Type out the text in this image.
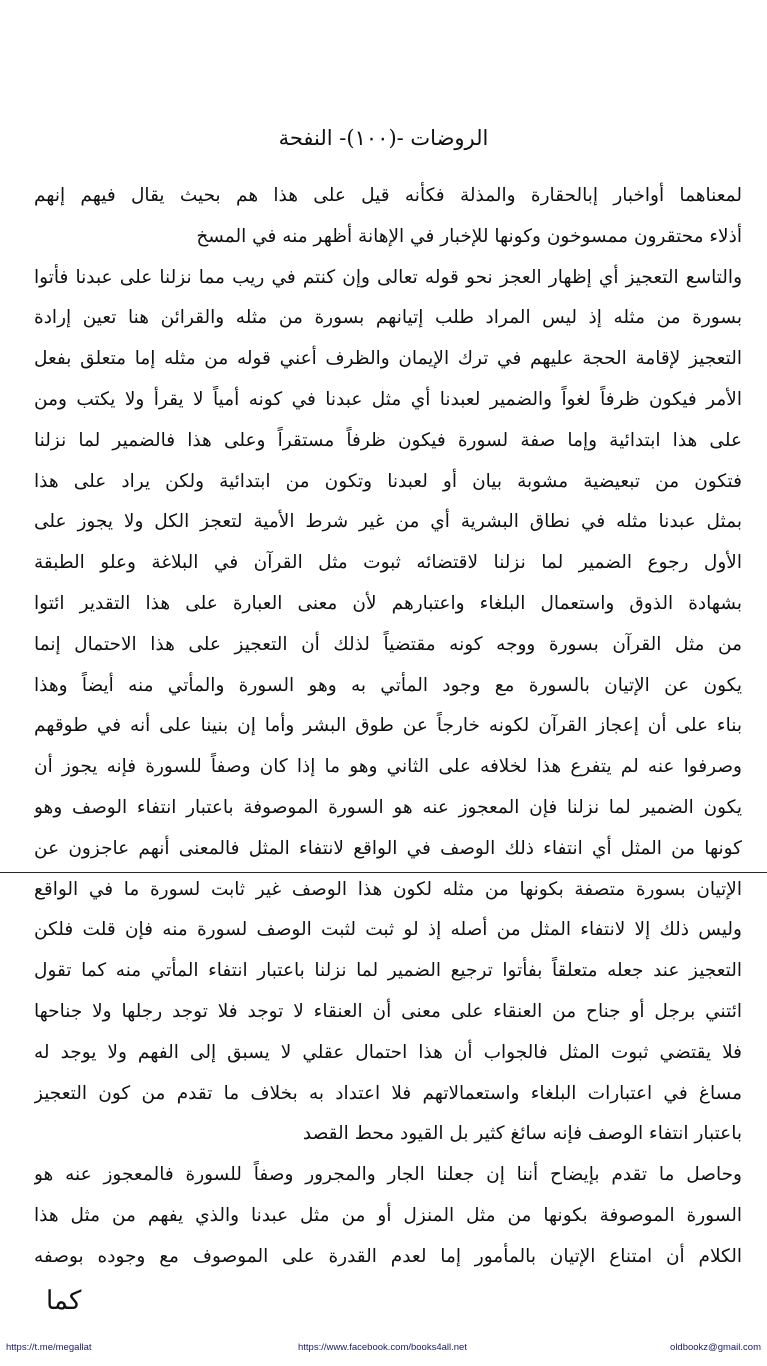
الروضات -(١٠٠)- النفحة
لمعناهما أواخبار إبالحقارة والمذلة فكأنه قيل على هذا هم بحيث يقال فيهم إنهم
أذلاء محتقرون ممسوخون وكونها للإخبار في الإهانة أظهر منه في المسخ
والتاسع التعجيز أي إظهار العجز نحو قوله تعالى وإن كنتم في ريب مما نزلنا على عبدنا فأتوا
بسورة من مثله إذ ليس المراد طلب إتيانهم بسورة من مثله والقرائن هنا تعين إرادة
التعجيز لإقامة الحجة عليهم في ترك الإيمان والظرف أعني قوله من مثله إما متعلق بفعل
الأمر فيكون ظرفاً لغواً والضمير لعبدنا أي مثل عبدنا في كونه أمياً لا يقرأ ولا يكتب ومن
على هذا ابتدائية وإما صفة لسورة فيكون ظرفاً مستقراً وعلى هذا فالضمير لما نزلنا
فتكون من تبعيضية مشوبة بيان أو لعبدنا وتكون من ابتدائية ولكن يراد على هذا
بمثل عبدنا مثله في نطاق البشرية أي من غير شرط الأمية لتعجز الكل ولا يجوز على
الأول رجوع الضمير لما نزلنا لاقتضائه ثبوت مثل القرآن في البلاغة وعلو الطبقة
بشهادة الذوق واستعمال البلغاء واعتبارهم لأن معنى العبارة على هذا التقدير ائتوا
من مثل القرآن بسورة ووجه كونه مقتضياً لذلك أن التعجيز على هذا الاحتمال إنما
يكون عن الإتيان بالسورة مع وجود المأتي به وهو السورة والمأتي منه أيضاً وهذا
بناء على أن إعجاز القرآن لكونه خارجاً عن طوق البشر وأما إن بنينا على أنه في طوقهم
وصرفوا عنه لم يتفرع هذا لخلافه على الثاني وهو ما إذا كان وصفاً للسورة فإنه يجوز أن
يكون الضمير لما نزلنا فإن المعجوز عنه هو السورة الموصوفة باعتبار انتفاء الوصف وهو
كونها من المثل أي انتفاء ذلك الوصف في الواقع لانتفاء المثل فالمعنى أنهم عاجزون عن
الإتيان بسورة متصفة بكونها من مثله لكون هذا الوصف غير ثابت لسورة ما في الواقع
وليس ذلك إلا لانتفاء المثل من أصله إذ لو ثبت لثبت الوصف لسورة منه فإن قلت فلكن
التعجيز عند جعله متعلقاً بفأتوا ترجيع الضمير لما نزلنا باعتبار انتفاء المأتي منه كما تقول
ائتني برجل أو جناح من العنقاء على معنى أن العنقاء لا توجد فلا توجد رجلها ولا جناحها
فلا يقتضي ثبوت المثل فالجواب أن هذا احتمال عقلي لا يسبق إلى الفهم ولا يوجد له
مساغ في اعتبارات البلغاء واستعمالاتهم فلا اعتداد به بخلاف ما تقدم من كون التعجيز
باعتبار انتفاء الوصف فإنه سائغ كثير بل القيود محط القصد
وحاصل ما تقدم بإيضاح أننا إن جعلنا الجار والمجرور وصفاً للسورة فالمعجوز عنه هو
السورة الموصوفة بكونها من مثل المنزل أو من مثل عبدنا والذي يفهم من مثل هذا
الكلام أن امتناع الإتيان بالمأمور إما لعدم القدرة على الموصوف مع وجوده بوصفه
كما
https://t.me/megallat	https://www.facebook.com/books4all.net	oldbookz@gmail.com
